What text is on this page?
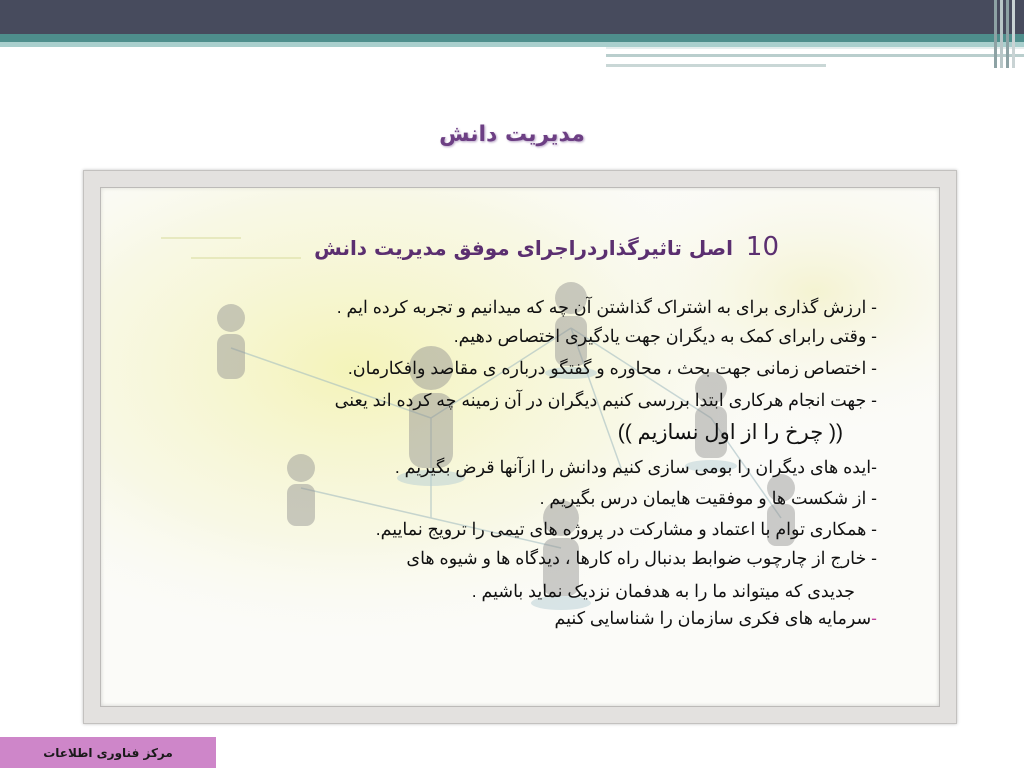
مدیریت دانش
10 اصل تاثیرگذاردراجرای موفق مدیریت دانش
- ارزش گذاری برای به اشتراک گذاشتن آن چه که میدانیم و تجربه کرده ایم .
- وقتی رابرای کمک به دیگران جهت یادگیری اختصاص دهیم.
- اختصاص زمانی جهت بحث ، محاوره و گفتگو درباره ی مقاصد وافکارمان.
- جهت انجام هرکاری ابتدا بررسی کنیم دیگران در آن زمینه چه کرده اند یعنی
(( چرخ را از اول نسازیم ))
-ایده های دیگران را بومی سازی کنیم ودانش را ازآنها قرض بگیریم .
- از شکست ها و موفقیت هایمان درس بگیریم .
- همکاری توام با اعتماد و مشارکت در پروژه های تیمی را ترویج نماییم.
- خارج از چارچوب ضوابط بدنبال راه کارها ، دیدگاه ها و شیوه های
جدیدی که میتواند ما را به هدفمان نزدیک نماید باشیم .
-سرمایه های فکری سازمان را شناسایی کنیم
مرکز فناوری اطلاعات
